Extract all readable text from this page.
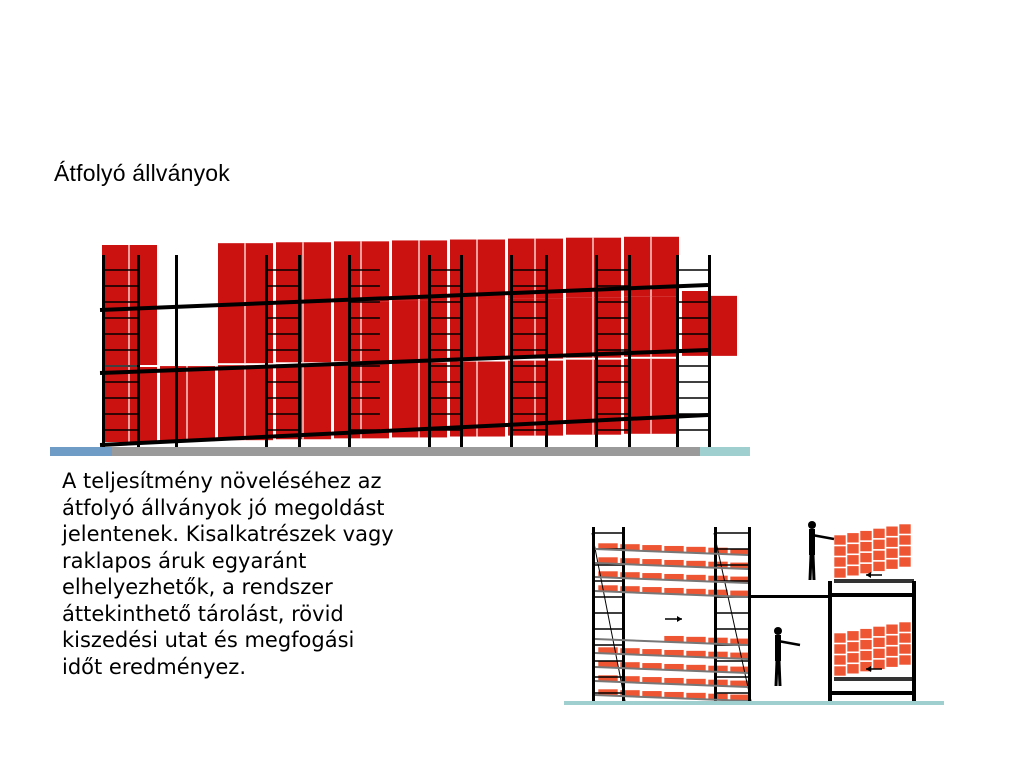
Átfolyó állványok

A teljesítmény növeléséhez az
átfolyó állványok jó megoldást
jelentenek. Kisalkatrészek vagy
raklapos áruk egyaránt
elhelyezhetők, a rendszer
áttekinthető tárolást, rövid
kiszedési utat és megfogási
időt eredményez.
